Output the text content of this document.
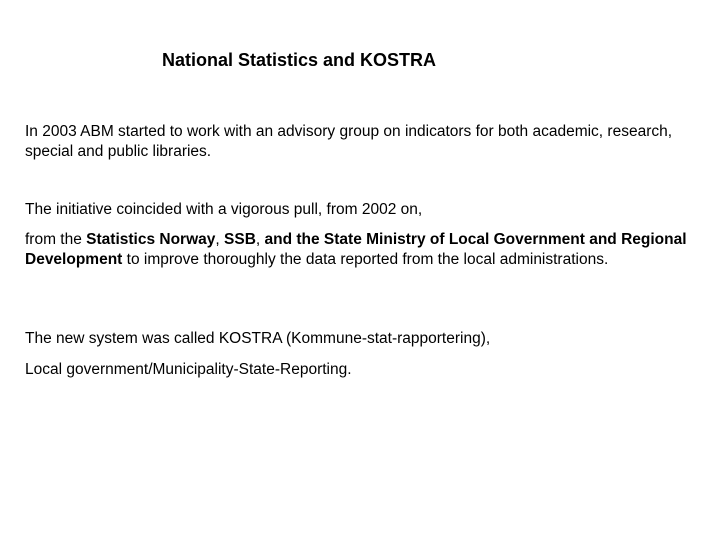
National Statistics and KOSTRA
In 2003 ABM started to work with an advisory group on indicators for both academic, research, special and public libraries.
The initiative coincided with a vigorous pull, from 2002 on,
from the Statistics Norway, SSB, and the State Ministry of Local Government and Regional Development to improve thoroughly the data reported from the local administrations.
The new system was called KOSTRA (Kommune-stat-rapportering),
Local government/Municipality-State-Reporting.
